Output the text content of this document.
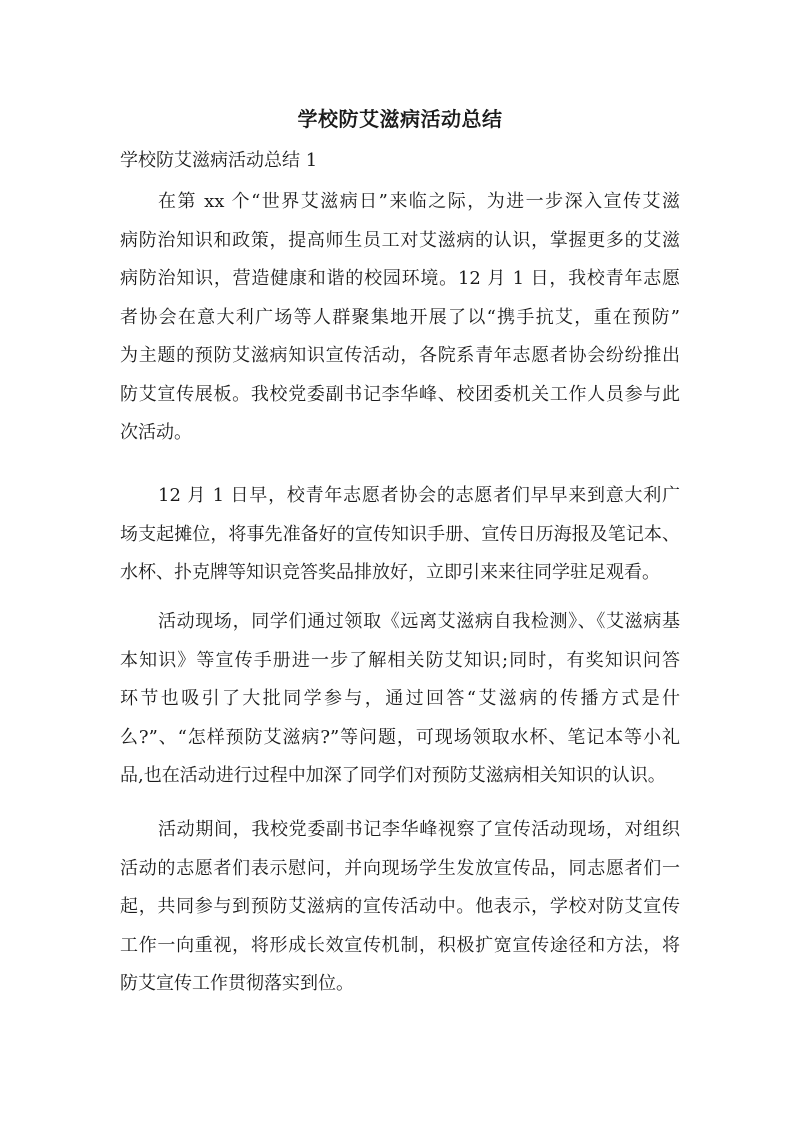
学校防艾滋病活动总结

学校防艾滋病活动总结 1

在第 xx 个“世界艾滋病日”来临之际，为进一步深入宣传艾滋
病防治知识和政策，提高师生员工对艾滋病的认识，掌握更多的艾滋
病防治知识，营造健康和谐的校园环境。12 月 1 日，我校青年志愿
者协会在意大利广场等人群聚集地开展了以“携手抗艾，重在预防”
为主题的预防艾滋病知识宣传活动，各院系青年志愿者协会纷纷推出
防艾宣传展板。我校党委副书记李华峰、校团委机关工作人员参与此
次活动。
12 月 1 日早，校青年志愿者协会的志愿者们早早来到意大利广
场支起摊位，将事先准备好的宣传知识手册、宣传日历海报及笔记本、
水杯、扑克牌等知识竞答奖品排放好，立即引来来往同学驻足观看。
活动现场，同学们通过领取《远离艾滋病自我检测》、《艾滋病基
本知识》等宣传手册进一步了解相关防艾知识;同时，有奖知识问答
环节也吸引了大批同学参与，通过回答“艾滋病的传播方式是什
么?”、“怎样预防艾滋病?”等问题，可现场领取水杯、笔记本等小礼
品,也在活动进行过程中加深了同学们对预防艾滋病相关知识的认识。
活动期间，我校党委副书记李华峰视察了宣传活动现场，对组织
活动的志愿者们表示慰问，并向现场学生发放宣传品，同志愿者们一
起，共同参与到预防艾滋病的宣传活动中。他表示，学校对防艾宣传
工作一向重视，将形成长效宣传机制，积极扩宽宣传途径和方法，将
防艾宣传工作贯彻落实到位。
